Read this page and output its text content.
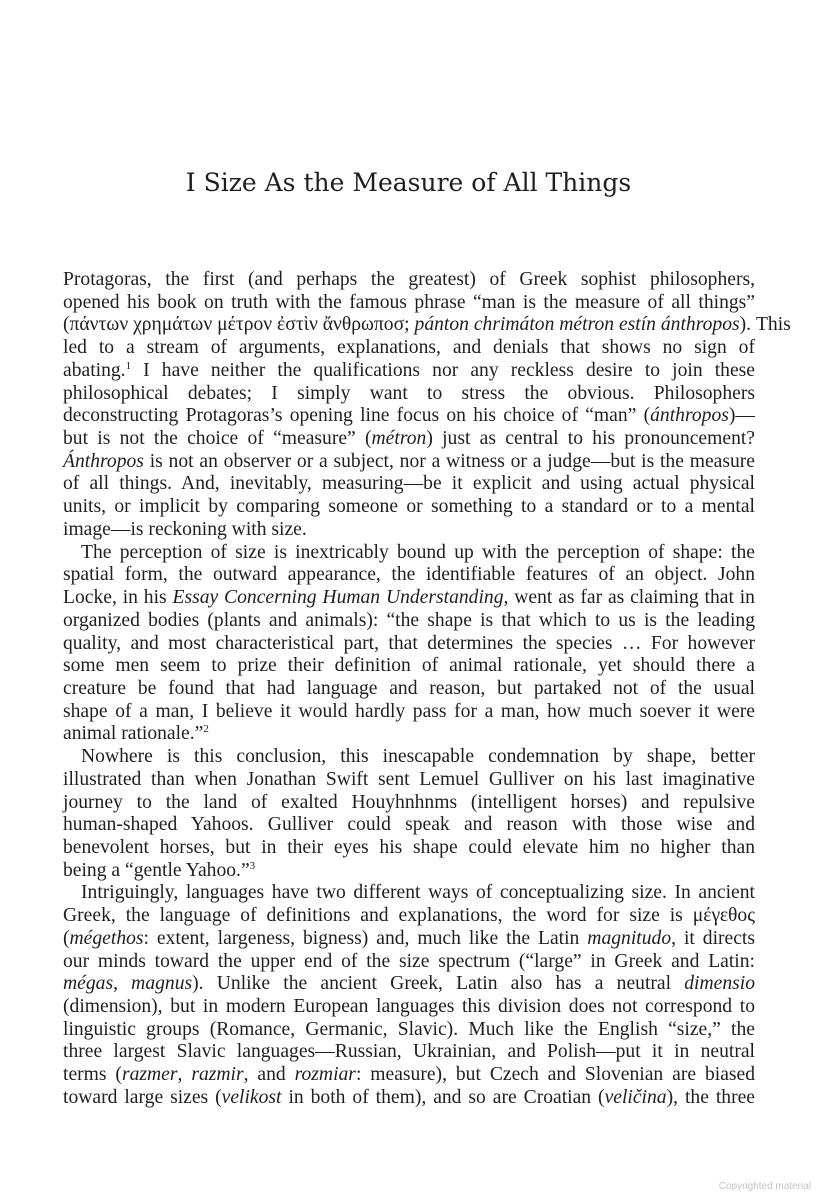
I Size As the Measure of All Things
Protagoras, the first (and perhaps the greatest) of Greek sophist philosophers,
opened his book on truth with the famous phrase “man is the measure of all things”
(πάντων χρημάτων μέτρον ἐστὶν ἄνθρωποσ; pánton chrimáton métron estín ánthropos). This
led to a stream of arguments, explanations, and denials that shows no sign of
abating.$^1$ I have neither the qualifications nor any reckless desire to join these
philosophical debates; I simply want to stress the obvious. Philosophers
deconstructing Protagoras’s opening line focus on his choice of “man” (ánthropos)—
but is not the choice of “measure” (métron) just as central to his pronouncement?
Ánthropos is not an observer or a subject, nor a witness or a judge—but is the measure
of all things. And, inevitably, measuring—be it explicit and using actual physical
units, or implicit by comparing someone or something to a standard or to a mental
image—is reckoning with size.
The perception of size is inextricably bound up with the perception of shape: the
spatial form, the outward appearance, the identifiable features of an object. John
Locke, in his Essay Concerning Human Understanding, went as far as claiming that in
organized bodies (plants and animals): “the shape is that which to us is the leading
quality, and most characteristical part, that determines the species … For however
some men seem to prize their definition of animal rationale, yet should there a
creature be found that had language and reason, but partaked not of the usual
shape of a man, I believe it would hardly pass for a man, how much soever it were
animal rationale.”$^2$
Nowhere is this conclusion, this inescapable condemnation by shape, better
illustrated than when Jonathan Swift sent Lemuel Gulliver on his last imaginative
journey to the land of exalted Houyhnhnms (intelligent horses) and repulsive
human-shaped Yahoos. Gulliver could speak and reason with those wise and
benevolent horses, but in their eyes his shape could elevate him no higher than
being a “gentle Yahoo.”$^3$
Intriguingly, languages have two different ways of conceptualizing size. In ancient
Greek, the language of definitions and explanations, the word for size is μέγεθος
(mégethos: extent, largeness, bigness) and, much like the Latin magnitudo, it directs
our minds toward the upper end of the size spectrum (“large” in Greek and Latin:
mégas, magnus). Unlike the ancient Greek, Latin also has a neutral dimensio
(dimension), but in modern European languages this division does not correspond to
linguistic groups (Romance, Germanic, Slavic). Much like the English “size,” the
three largest Slavic languages—Russian, Ukrainian, and Polish—put it in neutral
terms (razmer, razmir, and rozmiar: measure), but Czech and Slovenian are biased
toward large sizes (velikost in both of them), and so are Croatian (veličina), the three
Copyrighted material
